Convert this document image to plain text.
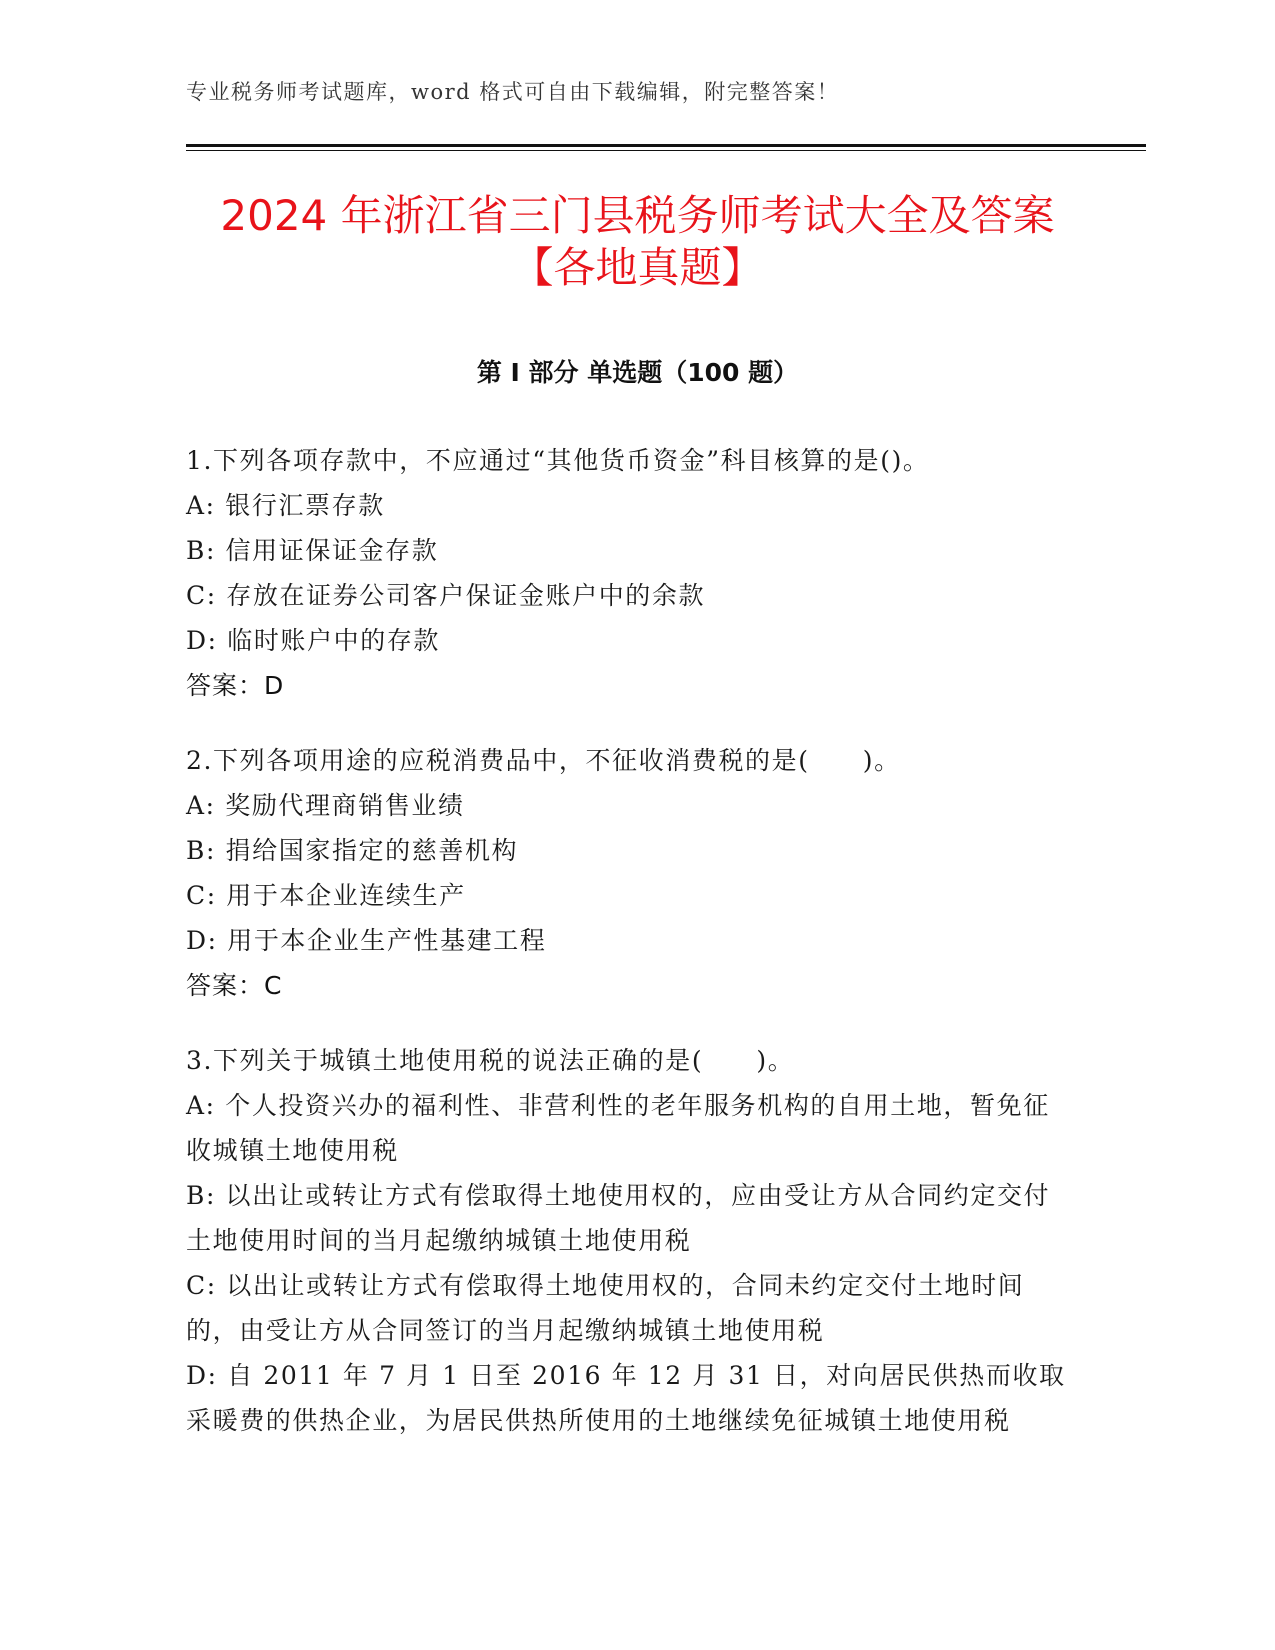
专业税务师考试题库，word 格式可自由下载编辑，附完整答案！
2024 年浙江省三门县税务师考试大全及答案
【各地真题】
第 I 部分 单选题（100 题）
1.下列各项存款中，不应通过“其他货币资金”科目核算的是()。
A: 银行汇票存款
B: 信用证保证金存款
C: 存放在证券公司客户保证金账户中的余款
D: 临时账户中的存款
答案：D
2.下列各项用途的应税消费品中，不征收消费税的是(　　)。
A: 奖励代理商销售业绩
B: 捐给国家指定的慈善机构
C: 用于本企业连续生产
D: 用于本企业生产性基建工程
答案：C
3.下列关于城镇土地使用税的说法正确的是(　　)。
A: 个人投资兴办的福利性、非营利性的老年服务机构的自用土地，暂免征收城镇土地使用税
B: 以出让或转让方式有偿取得土地使用权的，应由受让方从合同约定交付土地使用时间的当月起缴纳城镇土地使用税
C: 以出让或转让方式有偿取得土地使用权的，合同未约定交付土地时间的，由受让方从合同签订的当月起缴纳城镇土地使用税
D: 自 2011 年 7 月 1 日至 2016 年 12 月 31 日，对向居民供热而收取采暖费的供热企业，为居民供热所使用的土地继续免征城镇土地使用税
